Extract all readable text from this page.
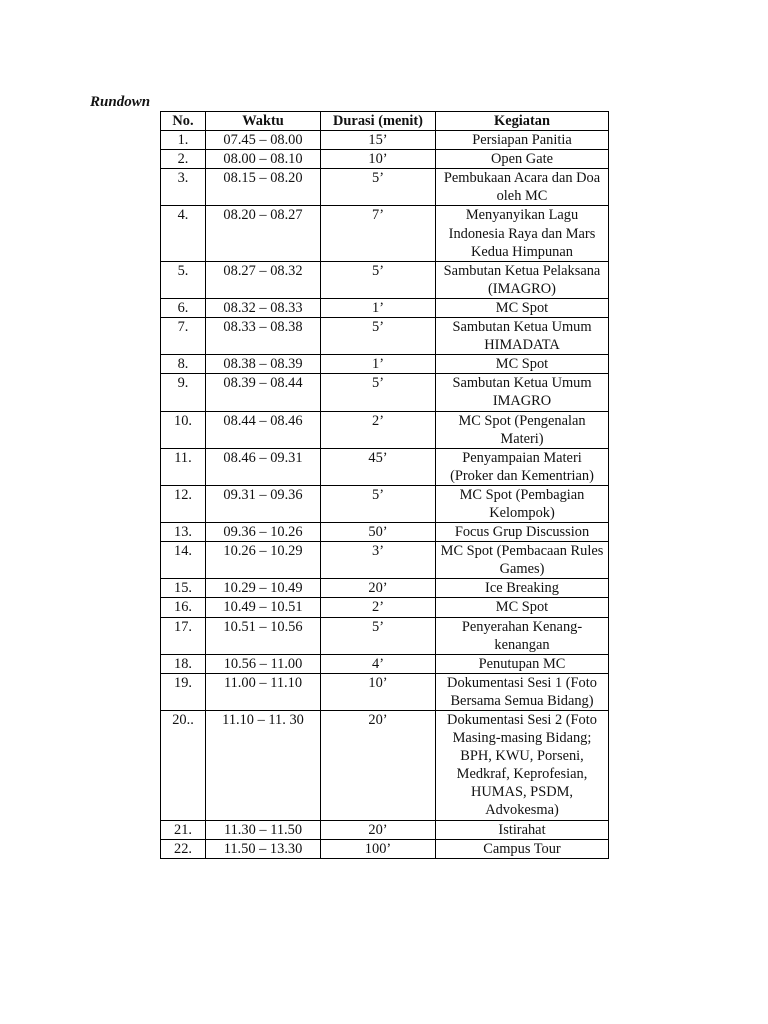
Rundown
No.	Waktu	Durasi (menit)	Kegiatan
1.	07.45 – 08.00	15’	Persiapan Panitia
2.	08.00 – 08.10	10’	Open Gate
3.	08.15 – 08.20	5’	Pembukaan Acara dan Doa oleh MC
4.	08.20 – 08.27	7’	Menyanyikan Lagu Indonesia Raya dan Mars Kedua Himpunan
5.	08.27 – 08.32	5’	Sambutan Ketua Pelaksana (IMAGRO)
6.	08.32 – 08.33	1’	MC Spot
7.	08.33 – 08.38	5’	Sambutan Ketua Umum HIMADATA
8.	08.38 – 08.39	1’	MC Spot
9.	08.39 – 08.44	5’	Sambutan Ketua Umum IMAGRO
10.	08.44 – 08.46	2’	MC Spot (Pengenalan Materi)
11.	08.46 – 09.31	45’	Penyampaian Materi (Proker dan Kementrian)
12.	09.31 – 09.36	5’	MC Spot (Pembagian Kelompok)
13.	09.36 – 10.26	50’	Focus Grup Discussion
14.	10.26 – 10.29	3’	MC Spot (Pembacaan Rules Games)
15.	10.29 – 10.49	20’	Ice Breaking
16.	10.49 – 10.51	2’	MC Spot
17.	10.51 – 10.56	5’	Penyerahan Kenang-kenangan
18.	10.56 – 11.00	4’	Penutupan MC
19.	11.00 – 11.10	10’	Dokumentasi Sesi 1 (Foto Bersama Semua Bidang)
20..	11.10 – 11. 30	20’	Dokumentasi Sesi 2 (Foto Masing-masing Bidang; BPH, KWU, Porseni, Medkraf, Keprofesian, HUMAS, PSDM, Advokesma)
21.	11.30 – 11.50	20’	Istirahat
22.	11.50 – 13.30	100’	Campus Tour
